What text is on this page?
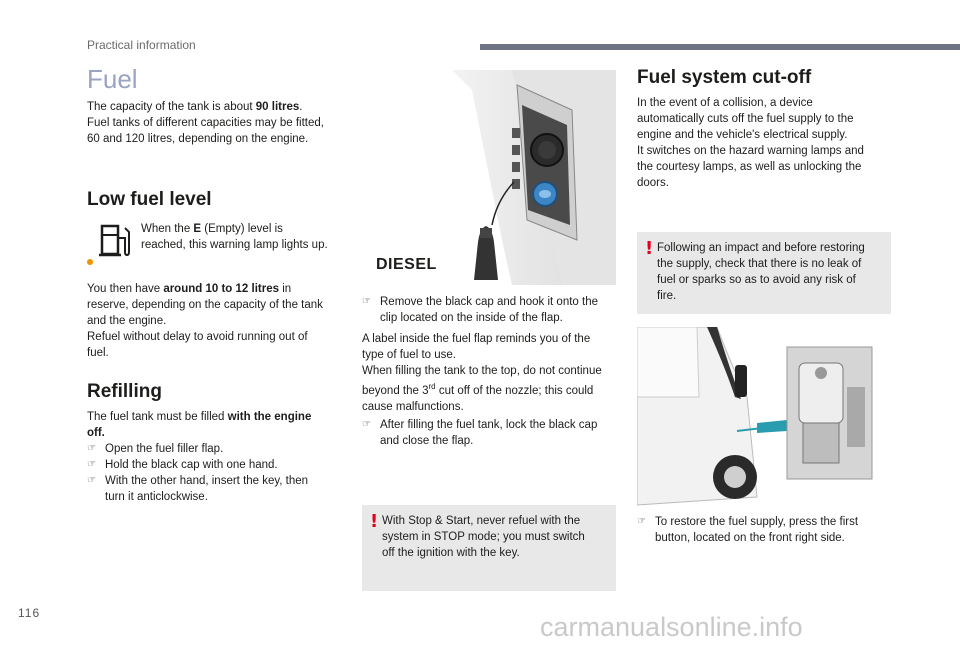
Practical information
Fuel

The capacity of the tank is about 90 litres.

Fuel tanks of different capacities may be fitted,

60 and 120 litres, depending on the engine.

Low fuel level

When the E (Empty) level is

reached, this warning lamp lights up.

You then have around 10 to 12 litres in

reserve, depending on the capacity of the tank

and the engine.

Refuel without delay to avoid running out of

fuel.

Refilling

The fuel tank must be filled with the engine

off.

☞ Open the fuel filler flap.

☞ Hold the black cap with one hand.

☞ With the other hand, insert the key, then

turn it anticlockwise.

DIESEL

☞ Remove the black cap and hook it onto the

clip located on the inside of the flap.

A label inside the fuel flap reminds you of the

type of fuel to use.

When filling the tank to the top, do not continue

beyond the 3rd cut off of the nozzle; this could

cause malfunctions.

☞ After filling the fuel tank, lock the black cap

and close the flap.

! With Stop & Start, never refuel with the

system in STOP mode; you must switch

off the ignition with the key.

Fuel system cut-off

In the event of a collision, a device

automatically cuts off the fuel supply to the

engine and the vehicle's electrical supply.

It switches on the hazard warning lamps and

the courtesy lamps, as well as unlocking the

doors.

! Following an impact and before restoring

the supply, check that there is no leak of

fuel or sparks so as to avoid any risk of

fire.

☞ To restore the fuel supply, press the first

button, located on the front right side.

116	carmanualsonline.info
